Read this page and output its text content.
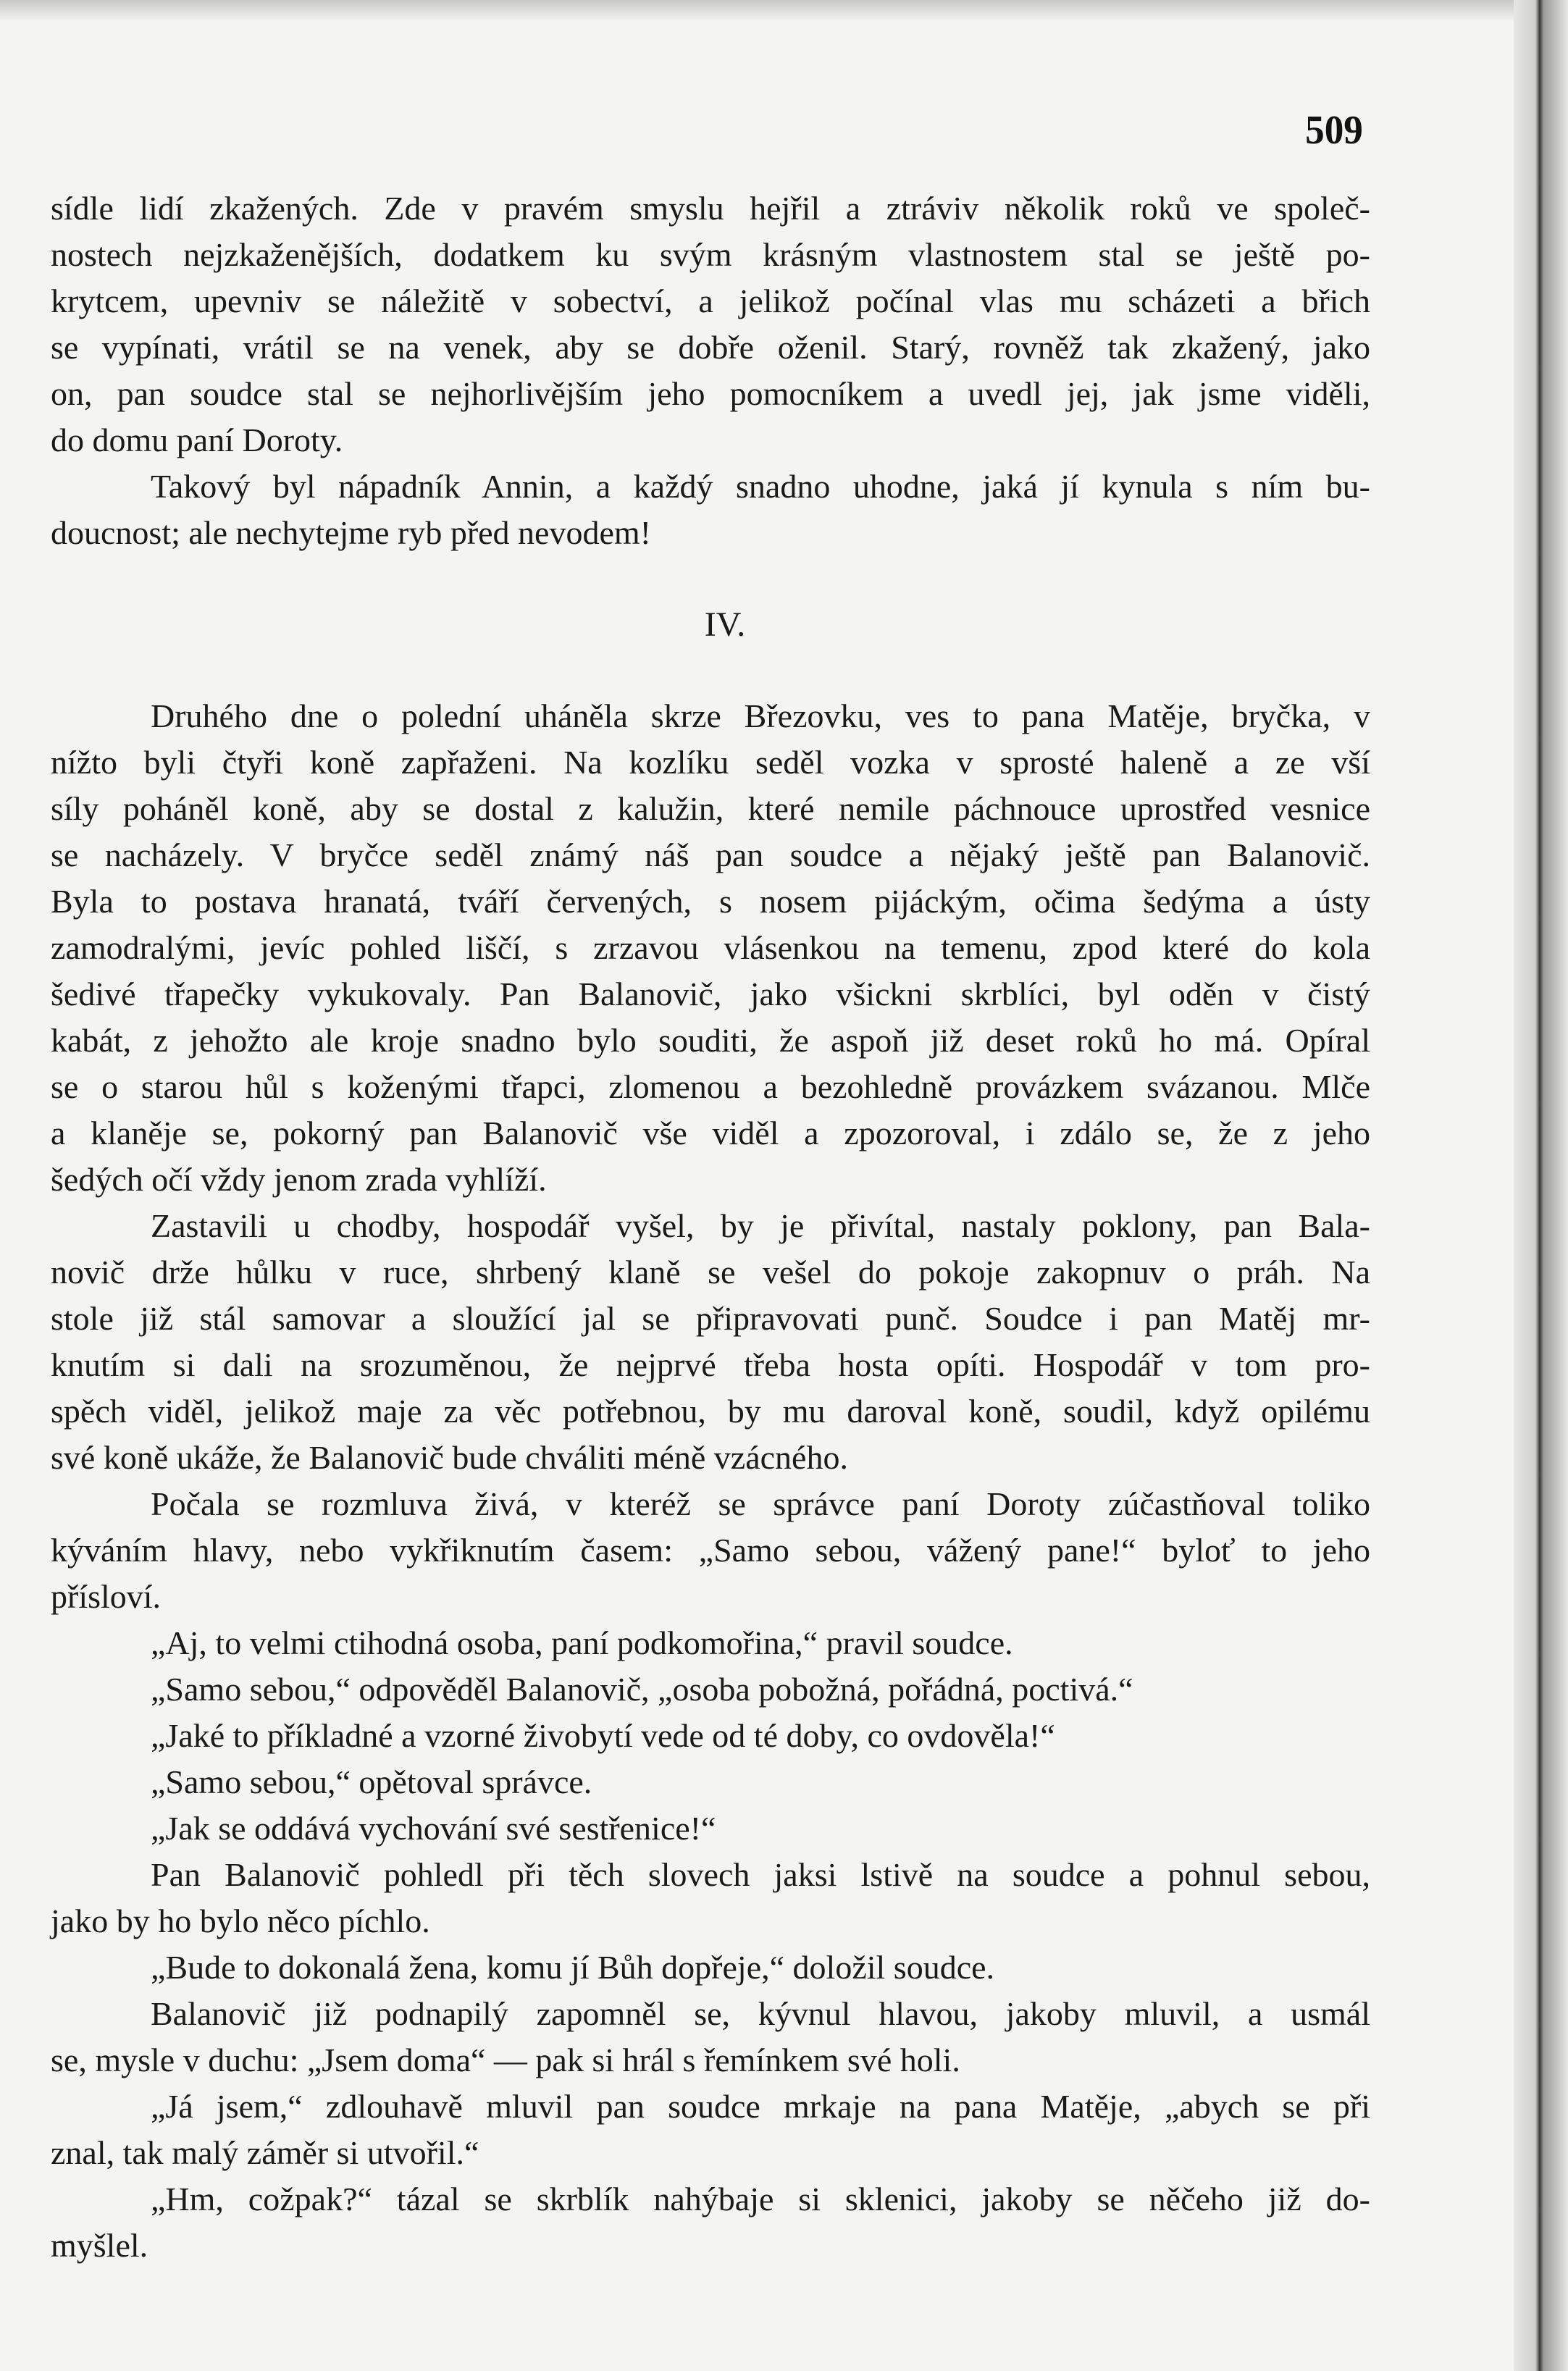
509
sídle lidí zkažených. Zde v pravém smyslu hejřil a ztráviv několik roků ve společ-
nostech nejzkaženějších, dodatkem ku svým krásným vlastnostem stal se ještě po-
krytcem, upevniv se náležitě v sobectví, a jelikož počínal vlas mu scházeti a břich
se vypínati, vrátil se na venek, aby se dobře oženil. Starý, rovněž tak zkažený, jako
on, pan soudce stal se nejhorlivějším jeho pomocníkem a uvedl jej, jak jsme viděli,
do domu paní Doroty.
Takový byl nápadník Annin, a každý snadno uhodne, jaká jí kynula s ním bu-
doucnost; ale nechytejme ryb před nevodem!
IV.
Druhého dne o polední uháněla skrze Březovku, ves to pana Matěje, bryčka, v
nížto byli čtyři koně zapřaženi. Na kozlíku seděl vozka v sprosté haleně a ze vší
síly poháněl koně, aby se dostal z kalužin, které nemile páchnouce uprostřed vesnice
se nacházely. V bryčce seděl známý náš pan soudce a nějaký ještě pan Balanovič.
Byla to postava hranatá, tváří červených, s nosem pijáckým, očima šedýma a ústy
zamodralými, jevíc pohled liščí, s zrzavou vlásenkou na temenu, zpod které do kola
šedivé třapečky vykukovaly. Pan Balanovič, jako všickni skrblíci, byl oděn v čistý
kabát, z jehožto ale kroje snadno bylo souditi, že aspoň již deset roků ho má. Opíral
se o starou hůl s koženými třapci, zlomenou a bezohledně provázkem svázanou. Mlče
a klaněje se, pokorný pan Balanovič vše viděl a zpozoroval, i zdálo se, že z jeho
šedých očí vždy jenom zrada vyhlíží.
Zastavili u chodby, hospodář vyšel, by je přivítal, nastaly poklony, pan Bala-
novič drže hůlku v ruce, shrbený klaně se vešel do pokoje zakopnuv o práh. Na
stole již stál samovar a sloužící jal se připravovati punč. Soudce i pan Matěj mr-
knutím si dali na srozuměnou, že nejprvé třeba hosta opíti. Hospodář v tom pro-
spěch viděl, jelikož maje za věc potřebnou, by mu daroval koně, soudil, když opilému
své koně ukáže, že Balanovič bude chváliti méně vzácného.
Počala se rozmluva živá, v kteréž se správce paní Doroty zúčastňoval toliko
kýváním hlavy, nebo vykřiknutím časem: „Samo sebou, vážený pane!“ byloť to jeho
přísloví.
„Aj, to velmi ctihodná osoba, paní podkomořina,“ pravil soudce.
„Samo sebou,“ odpověděl Balanovič, „osoba pobožná, pořádná, poctivá.“
„Jaké to příkladné a vzorné živobytí vede od té doby, co ovdověla!“
„Samo sebou,“ opětoval správce.
„Jak se oddává vychování své sestřenice!“
Pan Balanovič pohledl při těch slovech jaksi lstivě na soudce a pohnul sebou,
jako by ho bylo něco píchlo.
„Bude to dokonalá žena, komu jí Bůh dopřeje,“ doložil soudce.
Balanovič již podnapilý zapomněl se, kývnul hlavou, jakoby mluvil, a usmál
se, mysle v duchu: „Jsem doma“ — pak si hrál s řemínkem své holi.
„Já jsem,“ zdlouhavě mluvil pan soudce mrkaje na pana Matěje, „abych se při
znal, tak malý záměr si utvořil.“
„Hm, cožpak?“ tázal se skrblík nahýbaje si sklenici, jakoby se něčeho již do-
myšlel.
